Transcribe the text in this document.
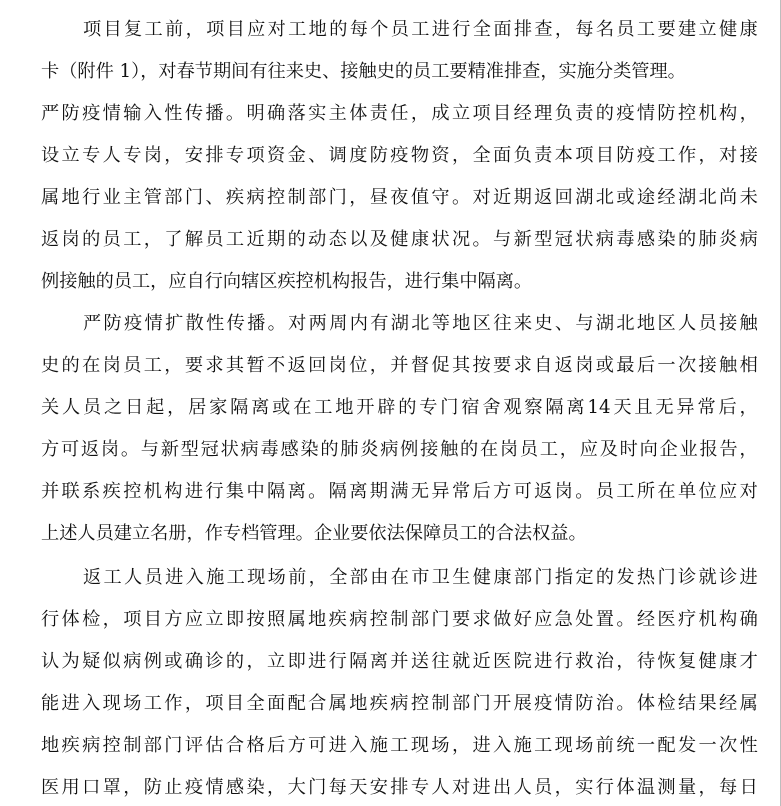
项 目 复 工 前 ， 项 目 应 对 工 地 的 每 个 员 工 进 行 全 面 排 查 ， 每 名 员 工 要 建 立 健 康
卡（附件 1），对春节期间有往来史、接触史的员工要精准排查，实施分类管理。
严 防 疫 情 输 入 性 传 播 。 明 确 落 实 主 体 责 任 ， 成 立 项 目 经 理 负 责 的 疫 情 防 控 机 构 ，
设 立 专 人 专 岗 ， 安 排 专 项 资 金 、 调 度 防 疫 物 资 ， 全 面 负 责 本 项 目 防 疫 工 作 ， 对 接
属 地 行 业 主 管 部 门 、 疾 病 控 制 部 门 ， 昼 夜 值 守 。 对 近 期 返 回 湖 北 或 途 经 湖 北 尚 未
返 岗 的 员 工 ， 了 解 员 工 近 期 的 动 态 以 及 健 康 状 况 。 与 新 型 冠 状 病 毒 感 染 的 肺 炎 病
例接触的员工，应自行向辖区疾控机构报告，进行集中隔离。
严 防 疫 情 扩 散 性 传 播 。 对 两 周 内 有 湖 北 等 地 区 往 来 史 、 与 湖 北 地 区 人 员 接 触
史 的 在 岗 员 工 ， 要 求 其 暂 不 返 回 岗 位 ， 并 督 促 其 按 要 求 自 返 岗 或 最 后 一 次 接 触 相
关 人 员 之 日 起 ， 居 家 隔 离 或 在 工 地 开 辟 的 专 门 宿 舍 观 察 隔 离 14 天 且 无 异 常 后 ，
方 可 返 岗 。 与 新 型 冠 状 病 毒 感 染 的 肺 炎 病 例 接 触 的 在 岗 员 工 ， 应 及 时 向 企 业 报 告 ，
并 联 系 疾 控 机 构 进 行 集 中 隔 离 。 隔 离 期 满 无 异 常 后 方 可 返 岗 。 员 工 所 在 单 位 应 对
上述人员建立名册，作专档管理。企业要依法保障员工的合法权益。
返 工 人 员 进 入 施 工 现 场 前 ， 全 部 由 在 市 卫 生 健 康 部 门 指 定 的 发 热 门 诊 就 诊 进
行 体 检 ， 项 目 方 应 立 即 按 照 属 地 疾 病 控 制 部 门 要 求 做 好 应 急 处 置 。 经 医 疗 机 构 确
认 为 疑 似 病 例 或 确 诊 的 ， 立 即 进 行 隔 离 并 送 往 就 近 医 院 进 行 救 治 ， 待 恢 复 健 康 才
能 进 入 现 场 工 作 ， 项 目 全 面 配 合 属 地 疾 病 控 制 部 门 开 展 疫 情 防 治 。 体 检 结 果 经 属
地 疾 病 控 制 部 门 评 估 合 格 后 方 可 进 入 施 工 现 场 ， 进 入 施 工 现 场 前 统 一 配 发 一 次 性
医 用 口 罩 ， 防 止 疫 情 感 染 ， 大 门 每 天 安 排 专 人 对 进 出 人 员 ， 实 行 体 温 测 量 ， 每 日
